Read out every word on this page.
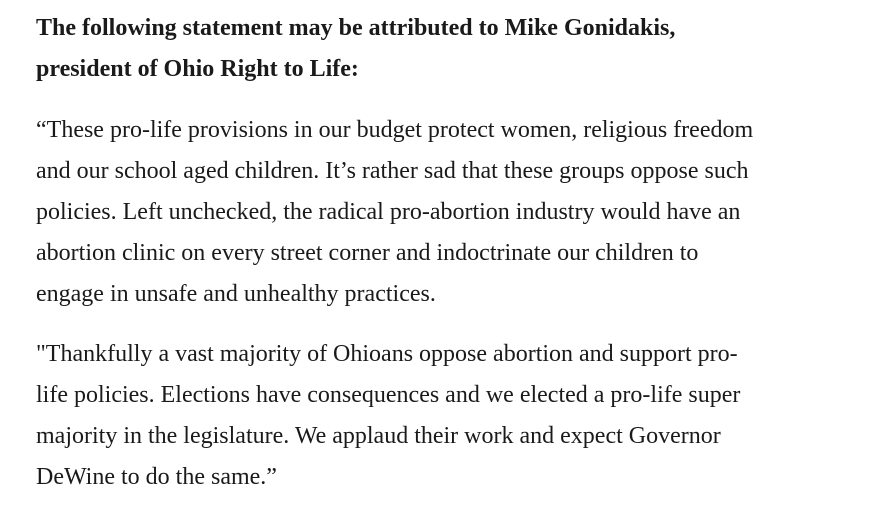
The following statement may be attributed to Mike Gonidakis,
president of Ohio Right to Life:

“These pro-life provisions in our budget protect women, religious freedom
and our school aged children. It’s rather sad that these groups oppose such
policies. Left unchecked, the radical pro-abortion industry would have an
abortion clinic on every street corner and indoctrinate our children to
engage in unsafe and unhealthy practices.

"Thankfully a vast majority of Ohioans oppose abortion and support pro-
life policies. Elections have consequences and we elected a pro-life super
majority in the legislature. We applaud their work and expect Governor
DeWine to do the same.”
